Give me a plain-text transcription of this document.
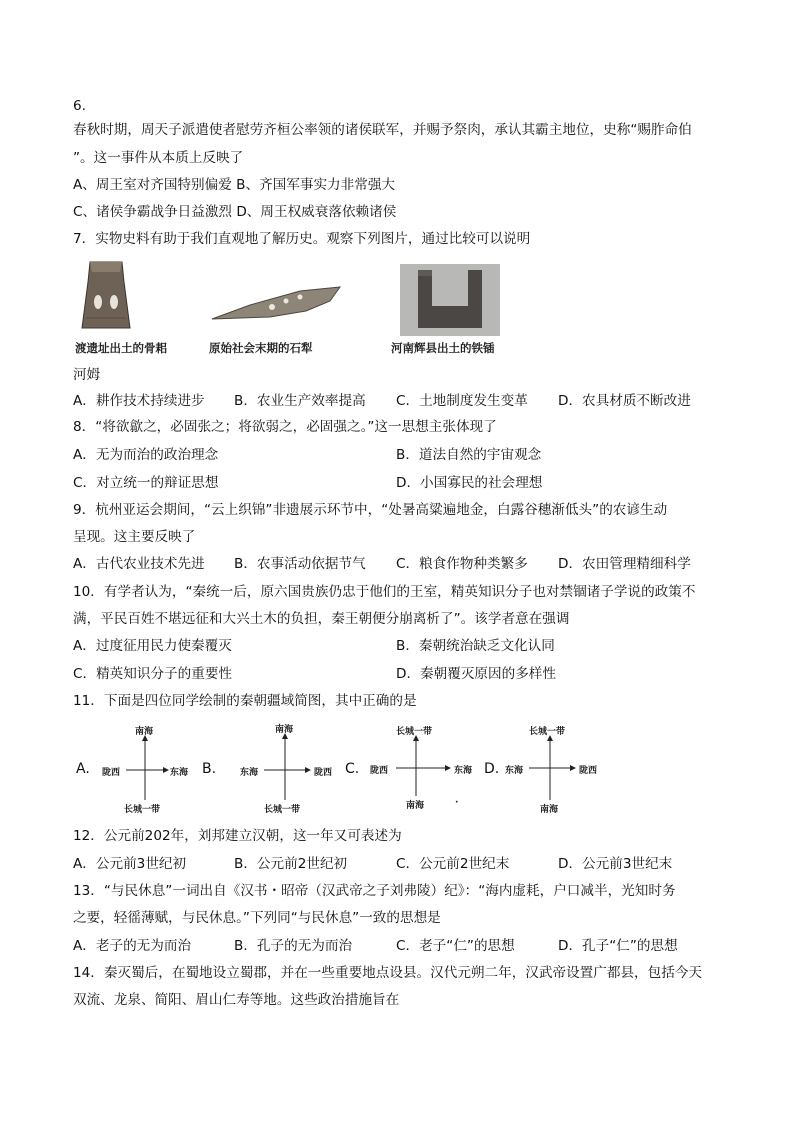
6.
春秋时期，周天子派遣使者慰劳齐桓公率领的诸侯联军，并赐予祭肉，承认其霸主地位，史称“赐胙命伯
”。这一事件从本质上反映了
A、周王室对齐国特别偏爱 B、齐国军事实力非常强大
C、诸侯争霸战争日益激烈 D、周王权威衰落依赖诸侯
7．实物史料有助于我们直观地了解历史。观察下列图片，通过比较可以说明
渡遗址出土的骨耜	原始社会末期的石犁	河南辉县出土的铁锸
河姆
A．耕作技术持续进步 B．农业生产效率提高 C．土地制度发生变革 D．农具材质不断改进
8．“将欲歙之，必固张之；将欲弱之，必固强之。”这一思想主张体现了
A．无为而治的政治理念	B．道法自然的宇宙观念
C．对立统一的辩证思想	D．小国寡民的社会理想
9．杭州亚运会期间，“云上织锦”非遗展示环节中，“处暑高粱遍地金，白露谷穗渐低头”的农谚生动
呈现。这主要反映了
A．古代农业技术先进 B．农事活动依据节气 C．粮食作物种类繁多 D．农田管理精细科学
10．有学者认为，“秦统一后，原六国贵族仍忠于他们的王室，精英知识分子也对禁锢诸子学说的政策不
满，平民百姓不堪远征和大兴土木的负担，秦王朝便分崩离析了”。该学者意在强调
A．过度征用民力使秦覆灭	B．秦朝统治缺乏文化认同
C．精英知识分子的重要性	D．秦朝覆灭原因的多样性
11．下面是四位同学绘制的秦朝疆域简图，其中正确的是
A.
南海
长城一带
陇西	东海 B.
南海
长城一带
东海	陇西 C.
长城一带
南海
陇西	东海 D.
长城一带
南海
东海	陇西
·
12．公元前202年，刘邦建立汉朝，这一年又可表述为
A．公元前3世纪初	B．公元前2世纪初	C．公元前2世纪末	D．公元前3世纪末
13．“与民休息”一词出自《汉书・昭帝（汉武帝之子刘弗陵）纪》：“海内虚耗，户口减半，光知时务
之要，轻徭薄赋，与民休息。”下列同“与民休息”一致的思想是
A．老子的无为而治	B．孔子的无为而治	C．老子“仁”的思想	D．孔子“仁”的思想
14．秦灭蜀后，在蜀地设立蜀郡，并在一些重要地点设县。汉代元朔二年，汉武帝设置广都县，包括今天
双流、龙泉、简阳、眉山仁寿等地。这些政治措施旨在
